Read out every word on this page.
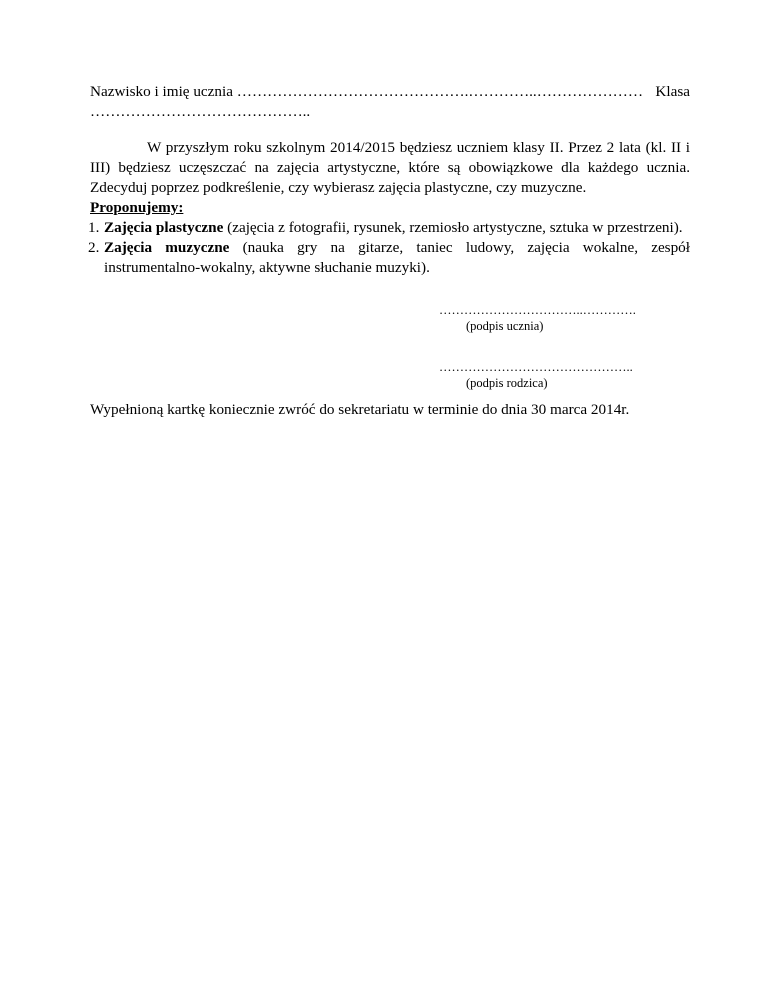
Nazwisko i imię ucznia ……………………………………….…………..………………… Klasa
……………………………………..

W przyszłym roku szkolnym 2014/2015 będziesz uczniem klasy II. Przez 2 lata (kl. II i III) będziesz uczęszczać na zajęcia artystyczne, które są obowiązkowe dla każdego ucznia. Zdecyduj poprzez podkreślenie, czy wybierasz zajęcia plastyczne, czy muzyczne.

Proponujemy:
1. Zajęcia plastyczne (zajęcia z fotografii, rysunek, rzemiosło artystyczne, sztuka w przestrzeni).
2. Zajęcia muzyczne (nauka gry na gitarze, taniec ludowy, zajęcia wokalne, zespół instrumentalno-wokalny, aktywne słuchanie muzyki).
……………………………..………….
(podpis ucznia)
………………………………………..
(podpis rodzica)
Wypełnioną kartkę koniecznie zwróć do sekretariatu w terminie do dnia 30 marca 2014r.
